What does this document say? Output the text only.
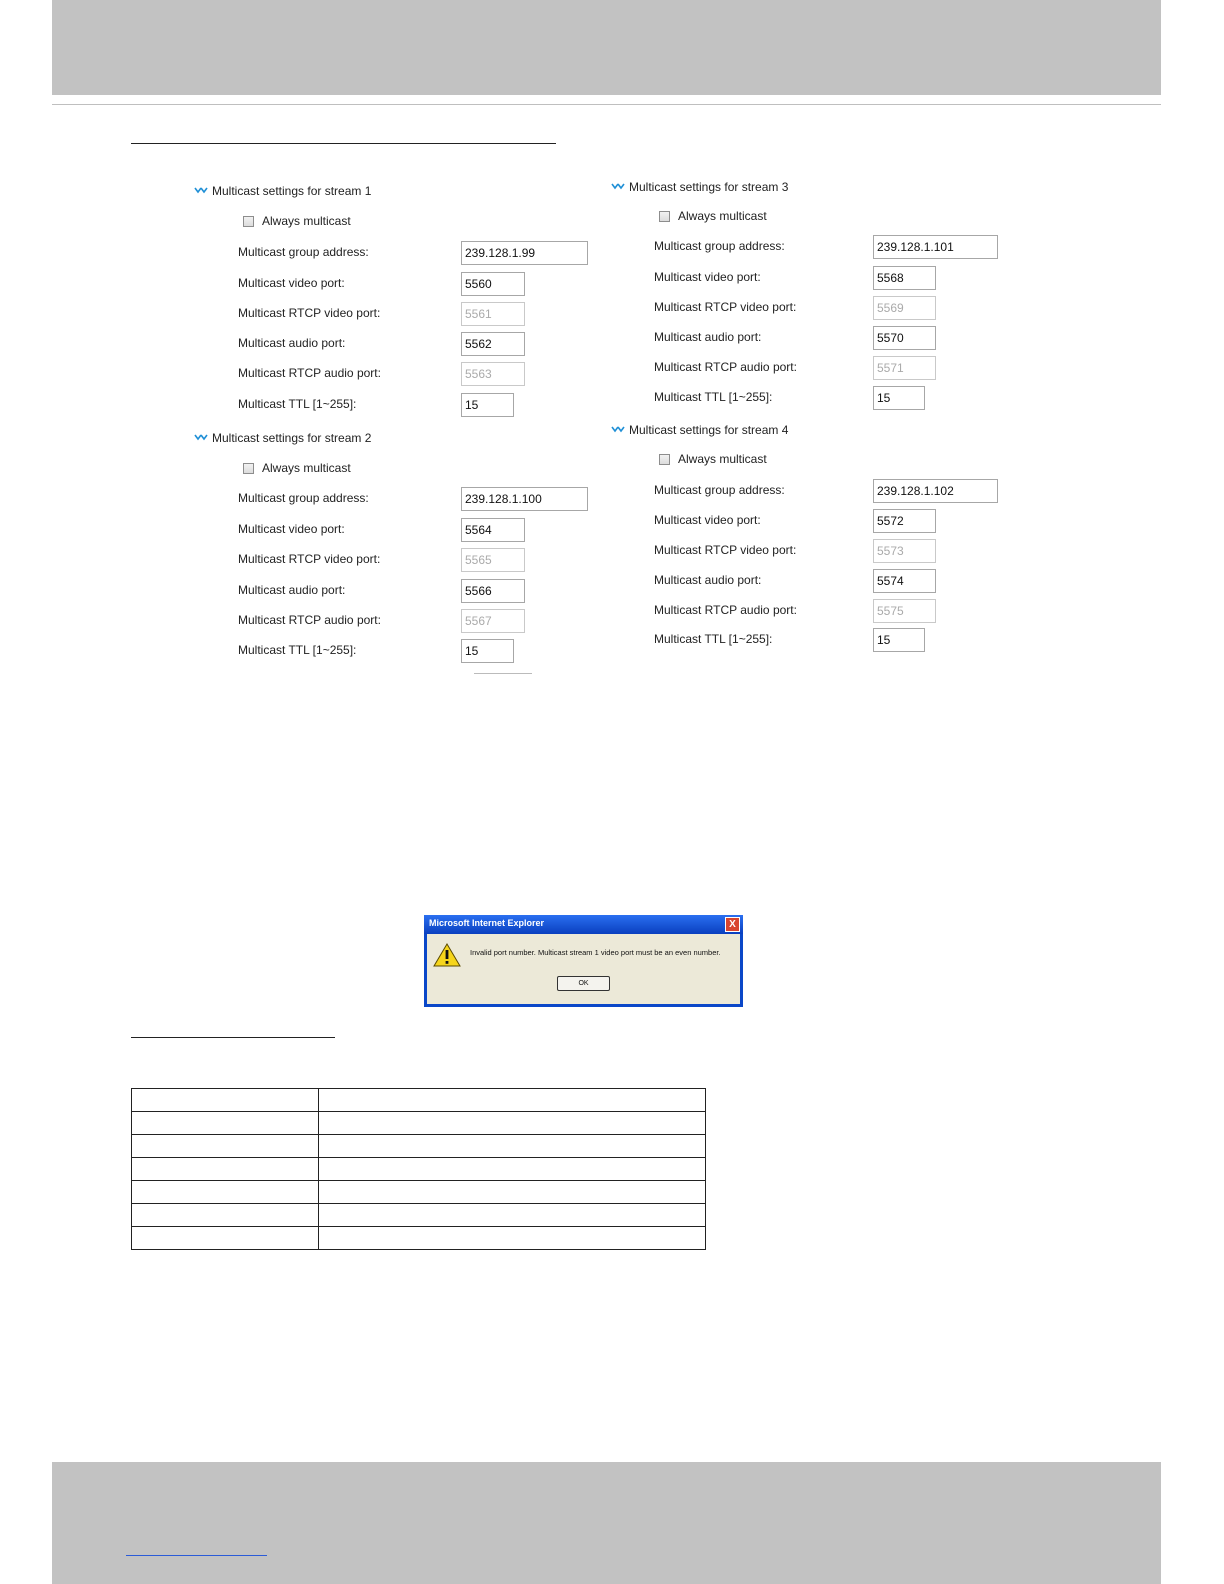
Multicast settings for stream 1
Always multicast
Multicast group address:	239.128.1.99
Multicast video port:	5560
Multicast RTCP video port:	5561
Multicast audio port:	5562
Multicast RTCP audio port:	5563
Multicast TTL [1~255]:	15
Multicast settings for stream 2
Always multicast
Multicast group address:	239.128.1.100
Multicast video port:	5564
Multicast RTCP video port:	5565
Multicast audio port:	5566
Multicast RTCP audio port:	5567
Multicast TTL [1~255]:	15
Multicast settings for stream 3
Always multicast
Multicast group address:	239.128.1.101
Multicast video port:	5568
Multicast RTCP video port:	5569
Multicast audio port:	5570
Multicast RTCP audio port:	5571
Multicast TTL [1~255]:	15
Multicast settings for stream 4
Always multicast
Multicast group address:	239.128.1.102
Multicast video port:	5572
Multicast RTCP video port:	5573
Multicast audio port:	5574
Multicast RTCP audio port:	5575
Multicast TTL [1~255]:	15
Microsoft Internet Explorer	X
Invalid port number. Multicast stream 1 video port must be an even number.
OK
